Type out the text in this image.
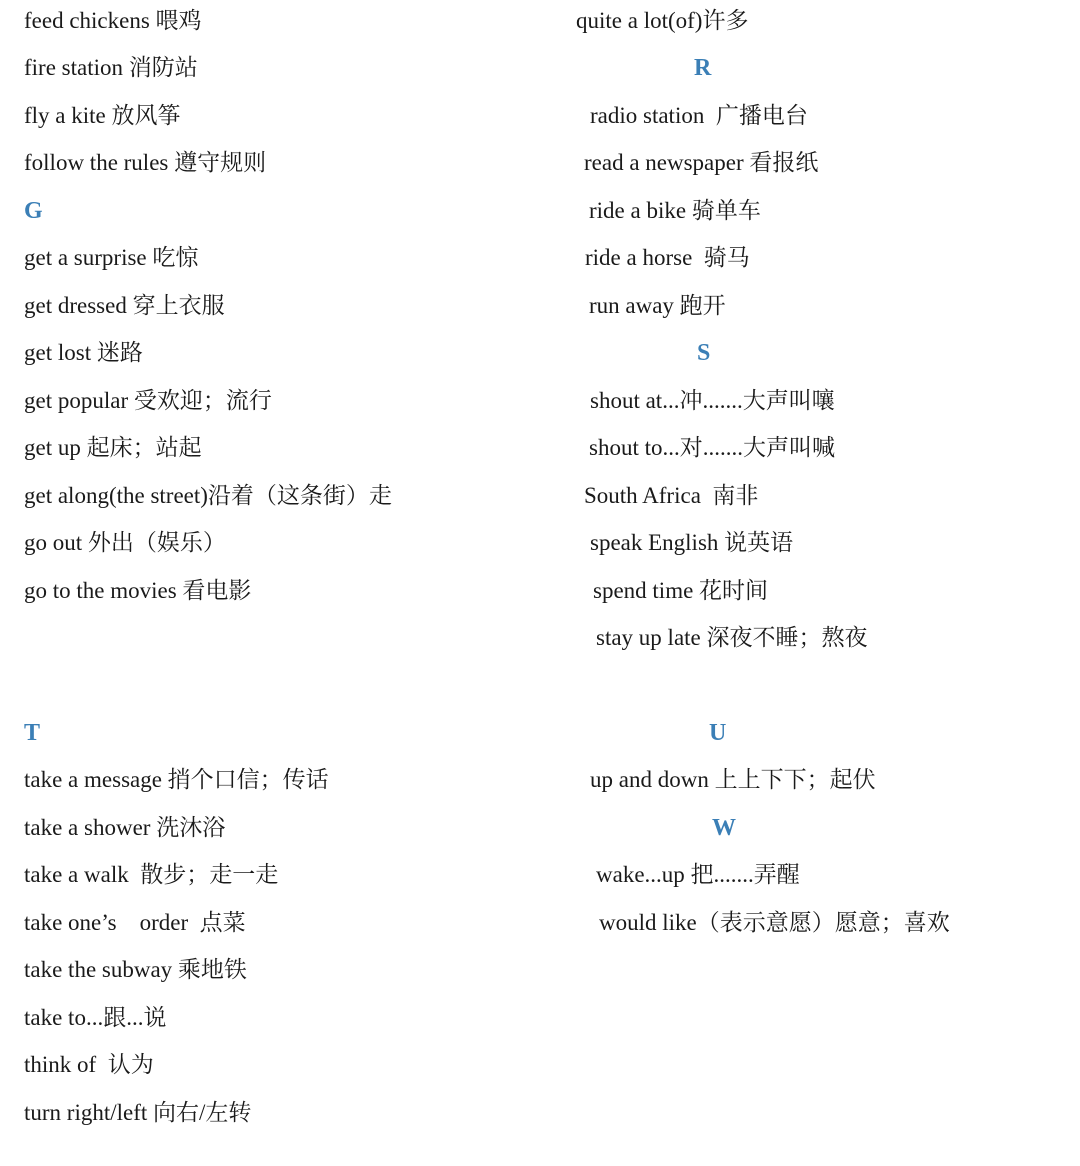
feed chickens 喂鸡
fire station 消防站
fly a kite 放风筝
follow the rules 遵守规则
G
get a surprise 吃惊
get dressed 穿上衣服
get lost 迷路
get popular 受欢迎；流行
get up 起床；站起
get along(the street)沿着（这条街）走
go out 外出（娱乐）
go to the movies 看电影
quite a lot(of)许多
R
radio station  广播电台
read a newspaper 看报纸
ride a bike 骑单车
ride a horse  骑马
run away 跑开
S
shout at...冲.......大声叫嚷
shout to...对.......大声叫喊
South Africa  南非
speak English 说英语
spend time 花时间
stay up late 深夜不睡；熬夜
T
take a message 捎个口信；传话
take a shower 洗沐浴
take a walk  散步；走一走
take one’s    order  点菜
take the subway 乘地铁
take to...跟...说
think of  认为
turn right/left 向右/左转
U
up and down 上上下下；起伏
W
wake...up 把.......弄醒
would like（表示意愿）愿意；喜欢
